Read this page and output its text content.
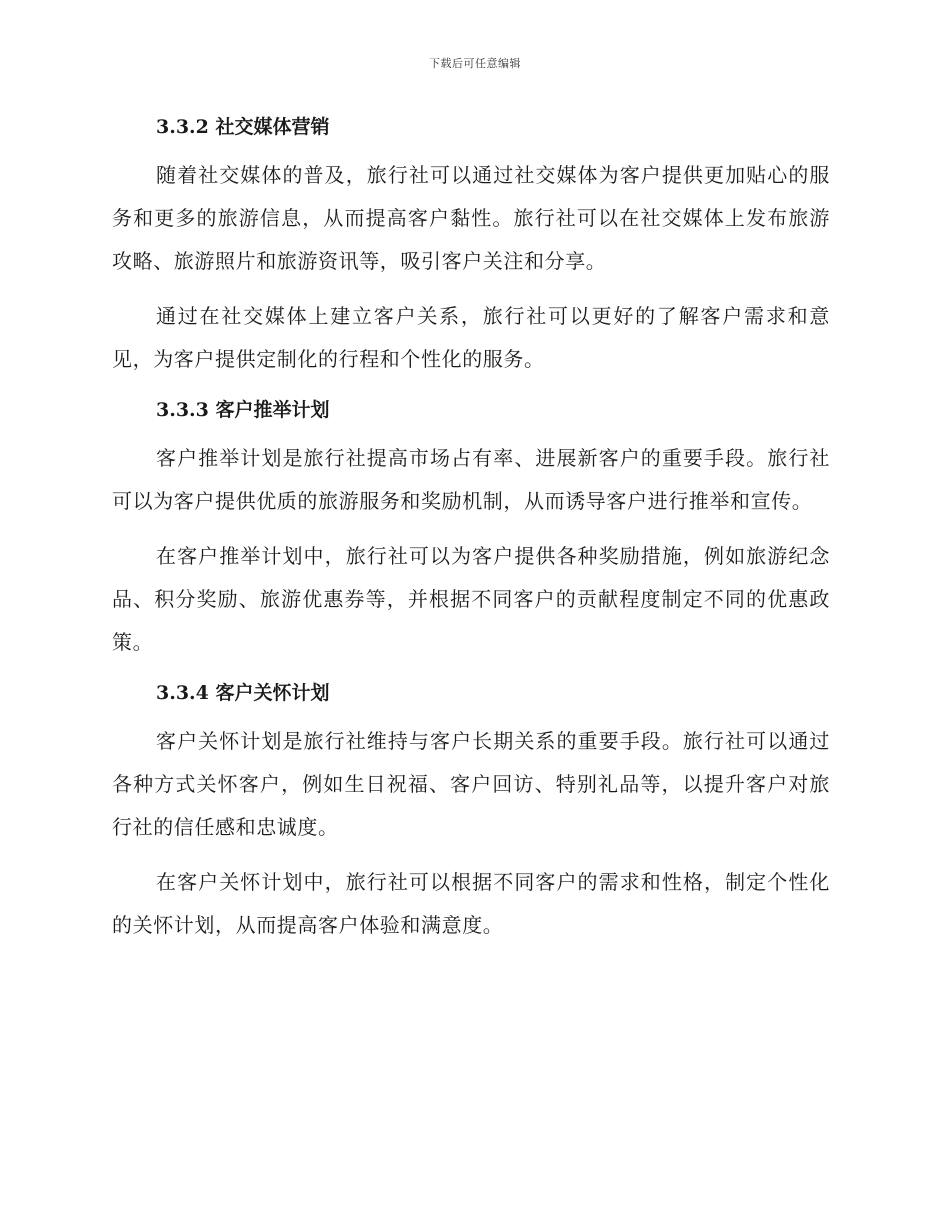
下载后可任意编辑
3.3.2 社交媒体营销

随着社交媒体的普及，旅行社可以通过社交媒体为客户提供更加贴心的服务和更多的旅游信息，从而提高客户黏性。旅行社可以在社交媒体上发布旅游攻略、旅游照片和旅游资讯等，吸引客户关注和分享。

通过在社交媒体上建立客户关系，旅行社可以更好的了解客户需求和意见，为客户提供定制化的行程和个性化的服务。

3.3.3 客户推举计划

客户推举计划是旅行社提高市场占有率、进展新客户的重要手段。旅行社可以为客户提供优质的旅游服务和奖励机制，从而诱导客户进行推举和宣传。

在客户推举计划中，旅行社可以为客户提供各种奖励措施，例如旅游纪念品、积分奖励、旅游优惠券等，并根据不同客户的贡献程度制定不同的优惠政策。

3.3.4 客户关怀计划

客户关怀计划是旅行社维持与客户长期关系的重要手段。旅行社可以通过各种方式关怀客户，例如生日祝福、客户回访、特别礼品等，以提升客户对旅行社的信任感和忠诚度。

在客户关怀计划中，旅行社可以根据不同客户的需求和性格，制定个性化的关怀计划，从而提高客户体验和满意度。
